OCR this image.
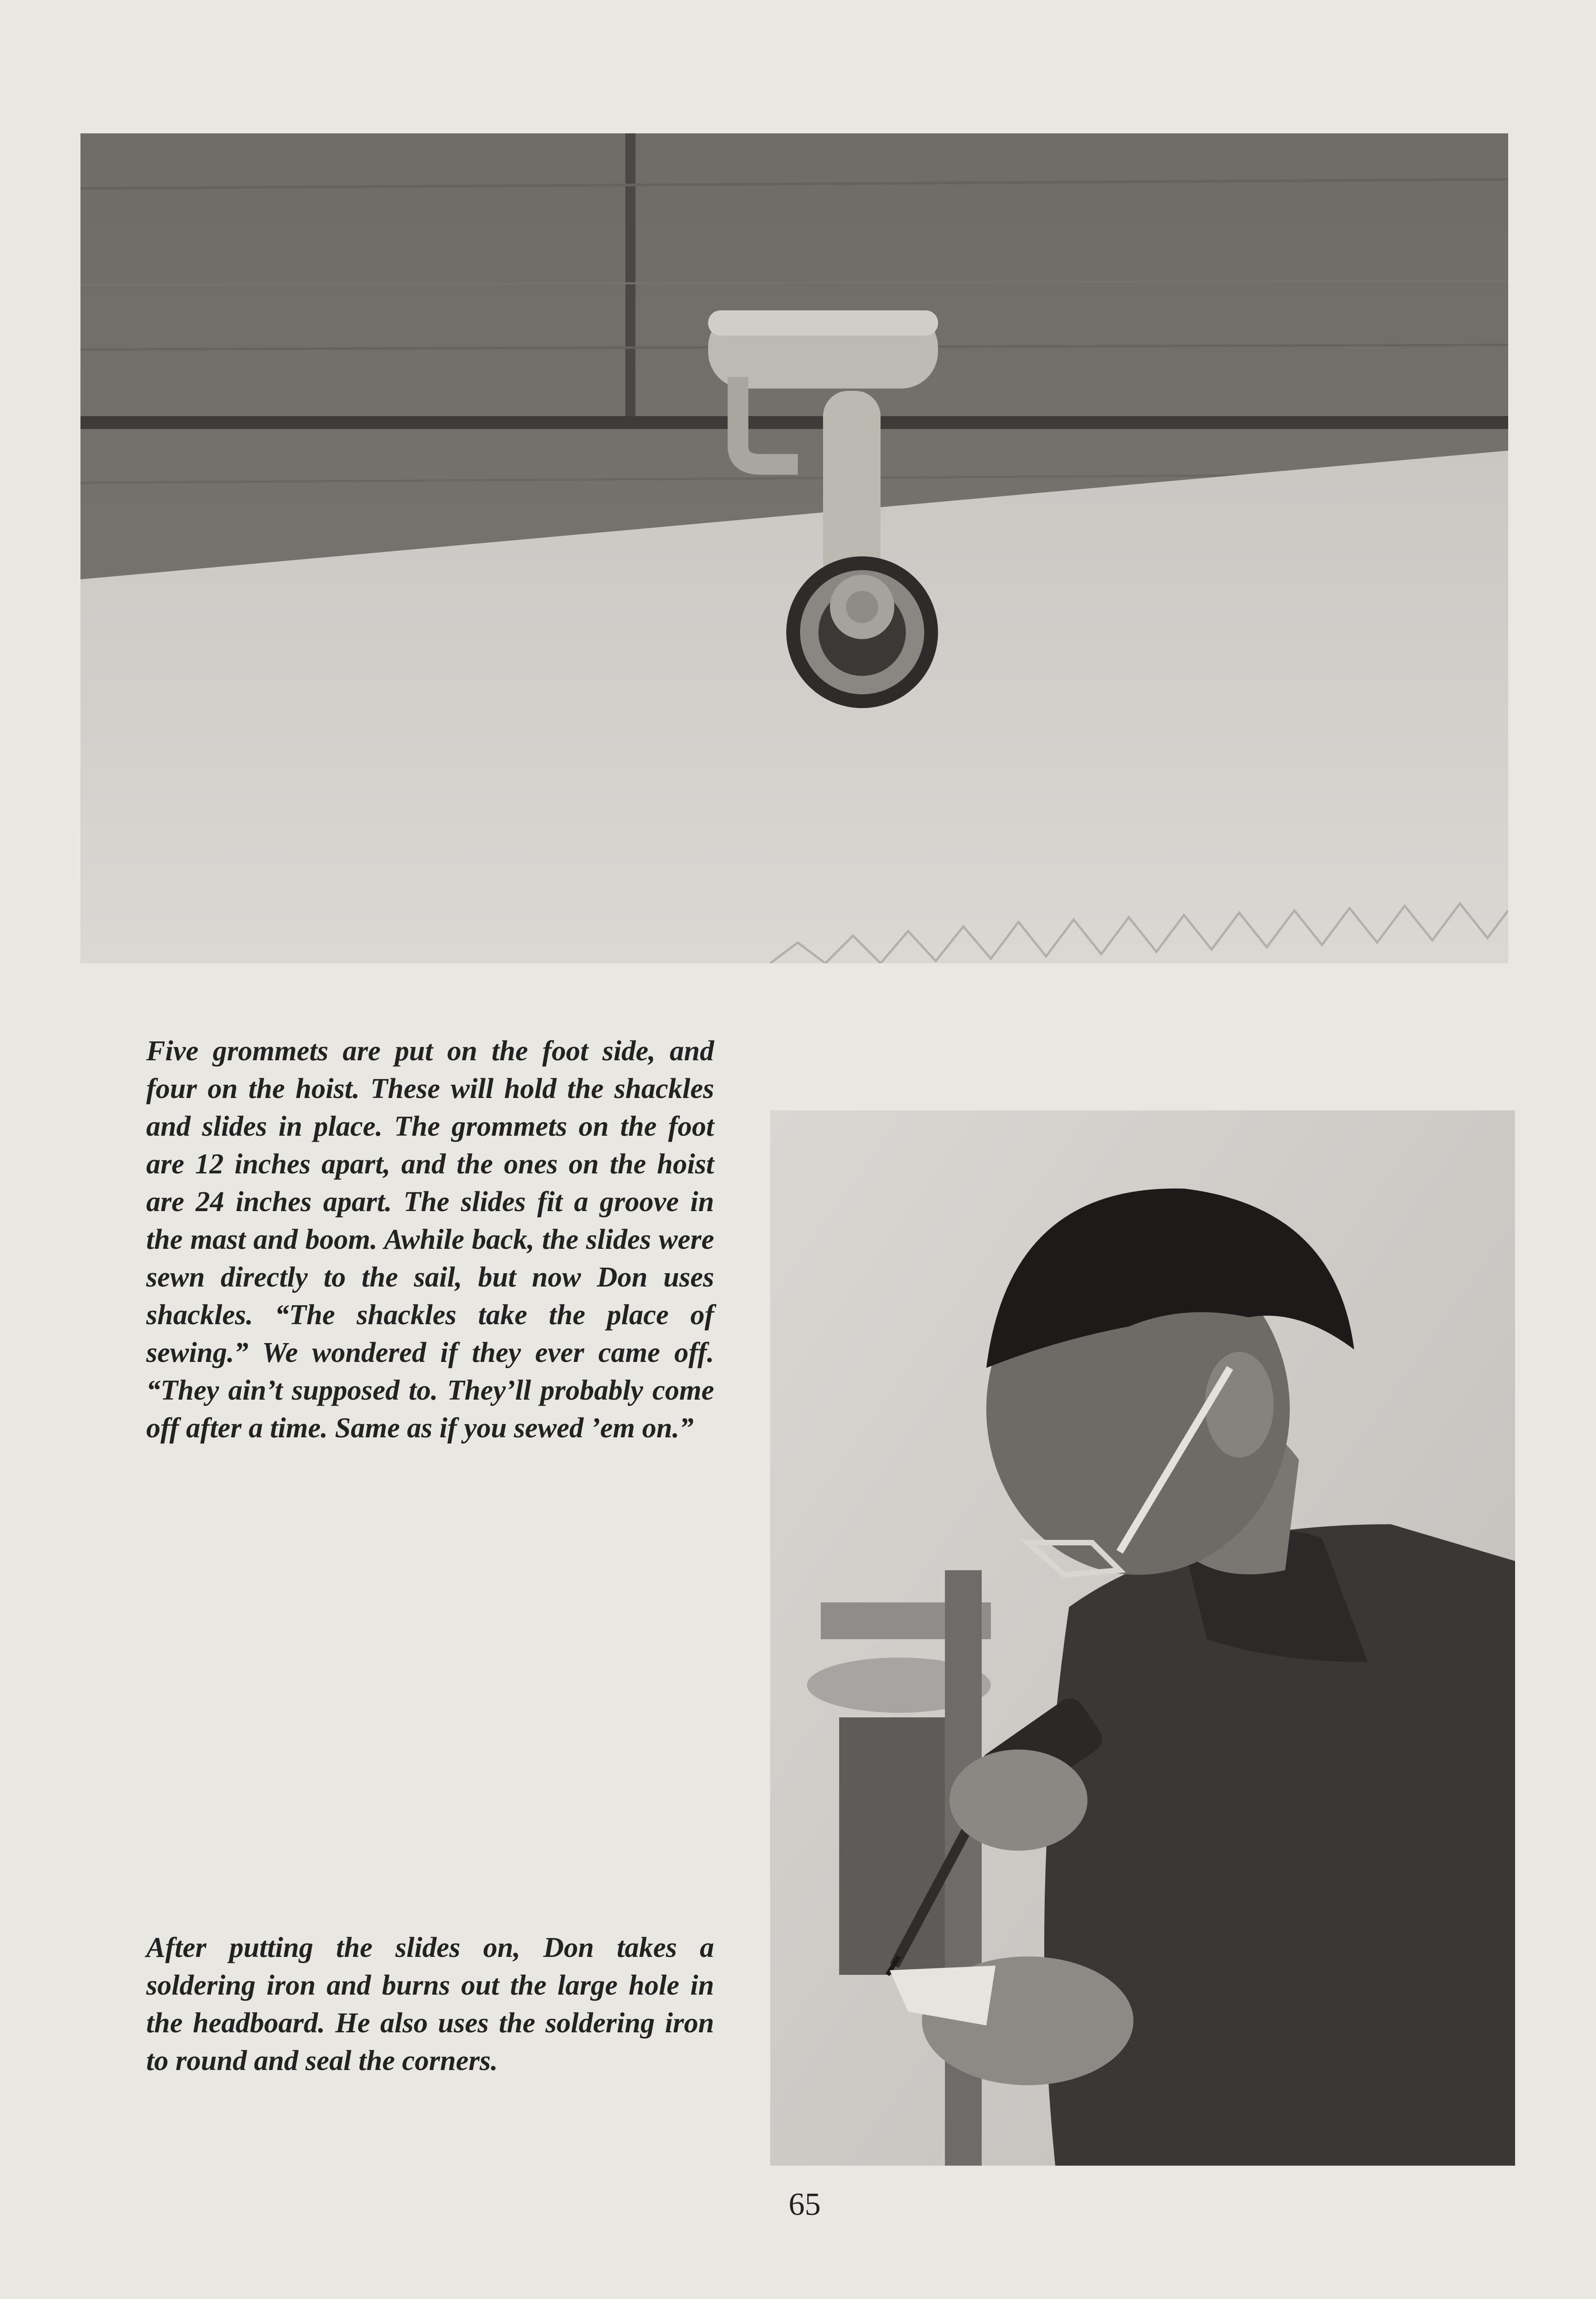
Five grommets are put on the foot side, and four on the hoist. These will hold the shackles and slides in place. The grommets on the foot are 12 inches apart, and the ones on the hoist are 24 inches apart. The slides fit a groove in the mast and boom. Awhile back, the slides were sewn directly to the sail, but now Don uses shackles. “The shackles take the place of sewing.” We wondered if they ever came off. “They ain’t supposed to. They’ll probably come off after a time. Same as if you sewed ’em on.”

After putting the slides on, Don takes a soldering iron and burns out the large hole in the headboard. He also uses the soldering iron to round and seal the corners.

65
